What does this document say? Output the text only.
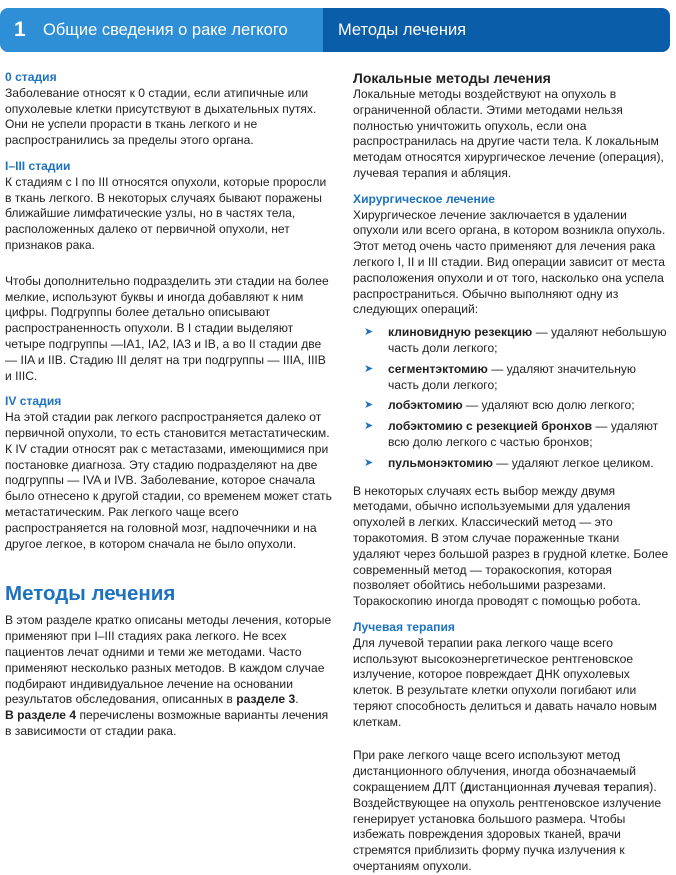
1 Общие сведения о раке легкого	Методы лечения
0 стадия

Заболевание относят к 0 стадии, если атипичные или опухолевые клетки присутствуют в дыхательных путях. Они не успели прорасти в ткань легкого и не распространились за пределы этого органа.

I–III стадии

К стадиям с I по III относятся опухоли, которые проросли в ткань легкого. В некоторых случаях бывают поражены ближайшие лимфатические узлы, но в частях тела, расположенных далеко от первичной опухоли, нет признаков рака.

Чтобы дополнительно подразделить эти стадии на более мелкие, используют буквы и иногда добавляют к ним цифры. Подгруппы более детально описывают распространенность опухоли. В I стадии выделяют четыре подгруппы —IA1, IA2, IA3 и IB, а во II стадии две — IIA и IIB. Стадию III делят на три подгруппы — IIIA, IIIB и IIIC.

IV стадия

На этой стадии рак легкого распространяется далеко от первичной опухоли, то есть становится метастатическим. К IV стадии относят рак с метастазами, имеющимися при постановке диагноза. Эту стадию подразделяют на две подгруппы — IVA и IVB. Заболевание, которое сначала было отнесено к другой стадии, со временем может стать метастатическим. Рак легкого чаще всего распространяется на головной мозг, надпочечники и на другое легкое, в котором сначала не было опухоли.

Методы лечения

В этом разделе кратко описаны методы лечения, которые применяют при I–III стадиях рака легкого. Не всех пациентов лечат одними и теми же методами. Часто применяют несколько разных методов. В каждом случае подбирают индивидуальное лечение на основании результатов обследования, описанных в разделе 3.

В разделе 4 перечислены возможные варианты лечения в зависимости от стадии рака.

Локальные методы лечения

Локальные методы воздействуют на опухоль в ограниченной области. Этими методами нельзя полностью уничтожить опухоль, если она распространилась на другие части тела. К локальным методам относятся хирургическое лечение (операция), лучевая терапия и абляция.

Хирургическое лечение

Хирургическое лечение заключается в удалении опухоли или всего органа, в котором возникла опухоль. Этот метод очень часто применяют для лечения рака легкого I, II и III стадии. Вид операции зависит от места расположения опухоли и от того, насколько она успела распространиться. Обычно выполняют одну из следующих операций:

➤ клиновидную резекцию — удаляют небольшую часть доли легкого;
➤ сегментэктомию — удаляют значительную часть доли легкого;
➤ лобэктомию — удаляют всю долю легкого;
➤ лобэктомию с резекцией бронхов — удаляют всю долю легкого с частью бронхов;
➤ пульмонэктомию — удаляют легкое целиком.

В некоторых случаях есть выбор между двумя методами, обычно используемыми для удаления опухолей в легких. Классический метод — это торакотомия. В этом случае пораженные ткани удаляют через большой разрез в грудной клетке. Более современный метод — торакоскопия, которая позволяет обойтись небольшими разрезами. Торакоскопию иногда проводят с помощью робота.

Лучевая терапия

Для лучевой терапии рака легкого чаще всего используют высокоэнергетическое рентгеновское излучение, которое повреждает ДНК опухолевых клеток. В результате клетки опухоли погибают или теряют способность делиться и давать начало новым клеткам.

При раке легкого чаще всего используют метод дистанционного облучения, иногда обозначаемый сокращением ДЛТ (дистанционная лучевая терапия). Воздействующее на опухоль рентгеновское излучение генерирует установка большого размера. Чтобы избежать повреждения здоровых тканей, врачи стремятся приблизить форму пучка излучения к очертаниям опухоли.
